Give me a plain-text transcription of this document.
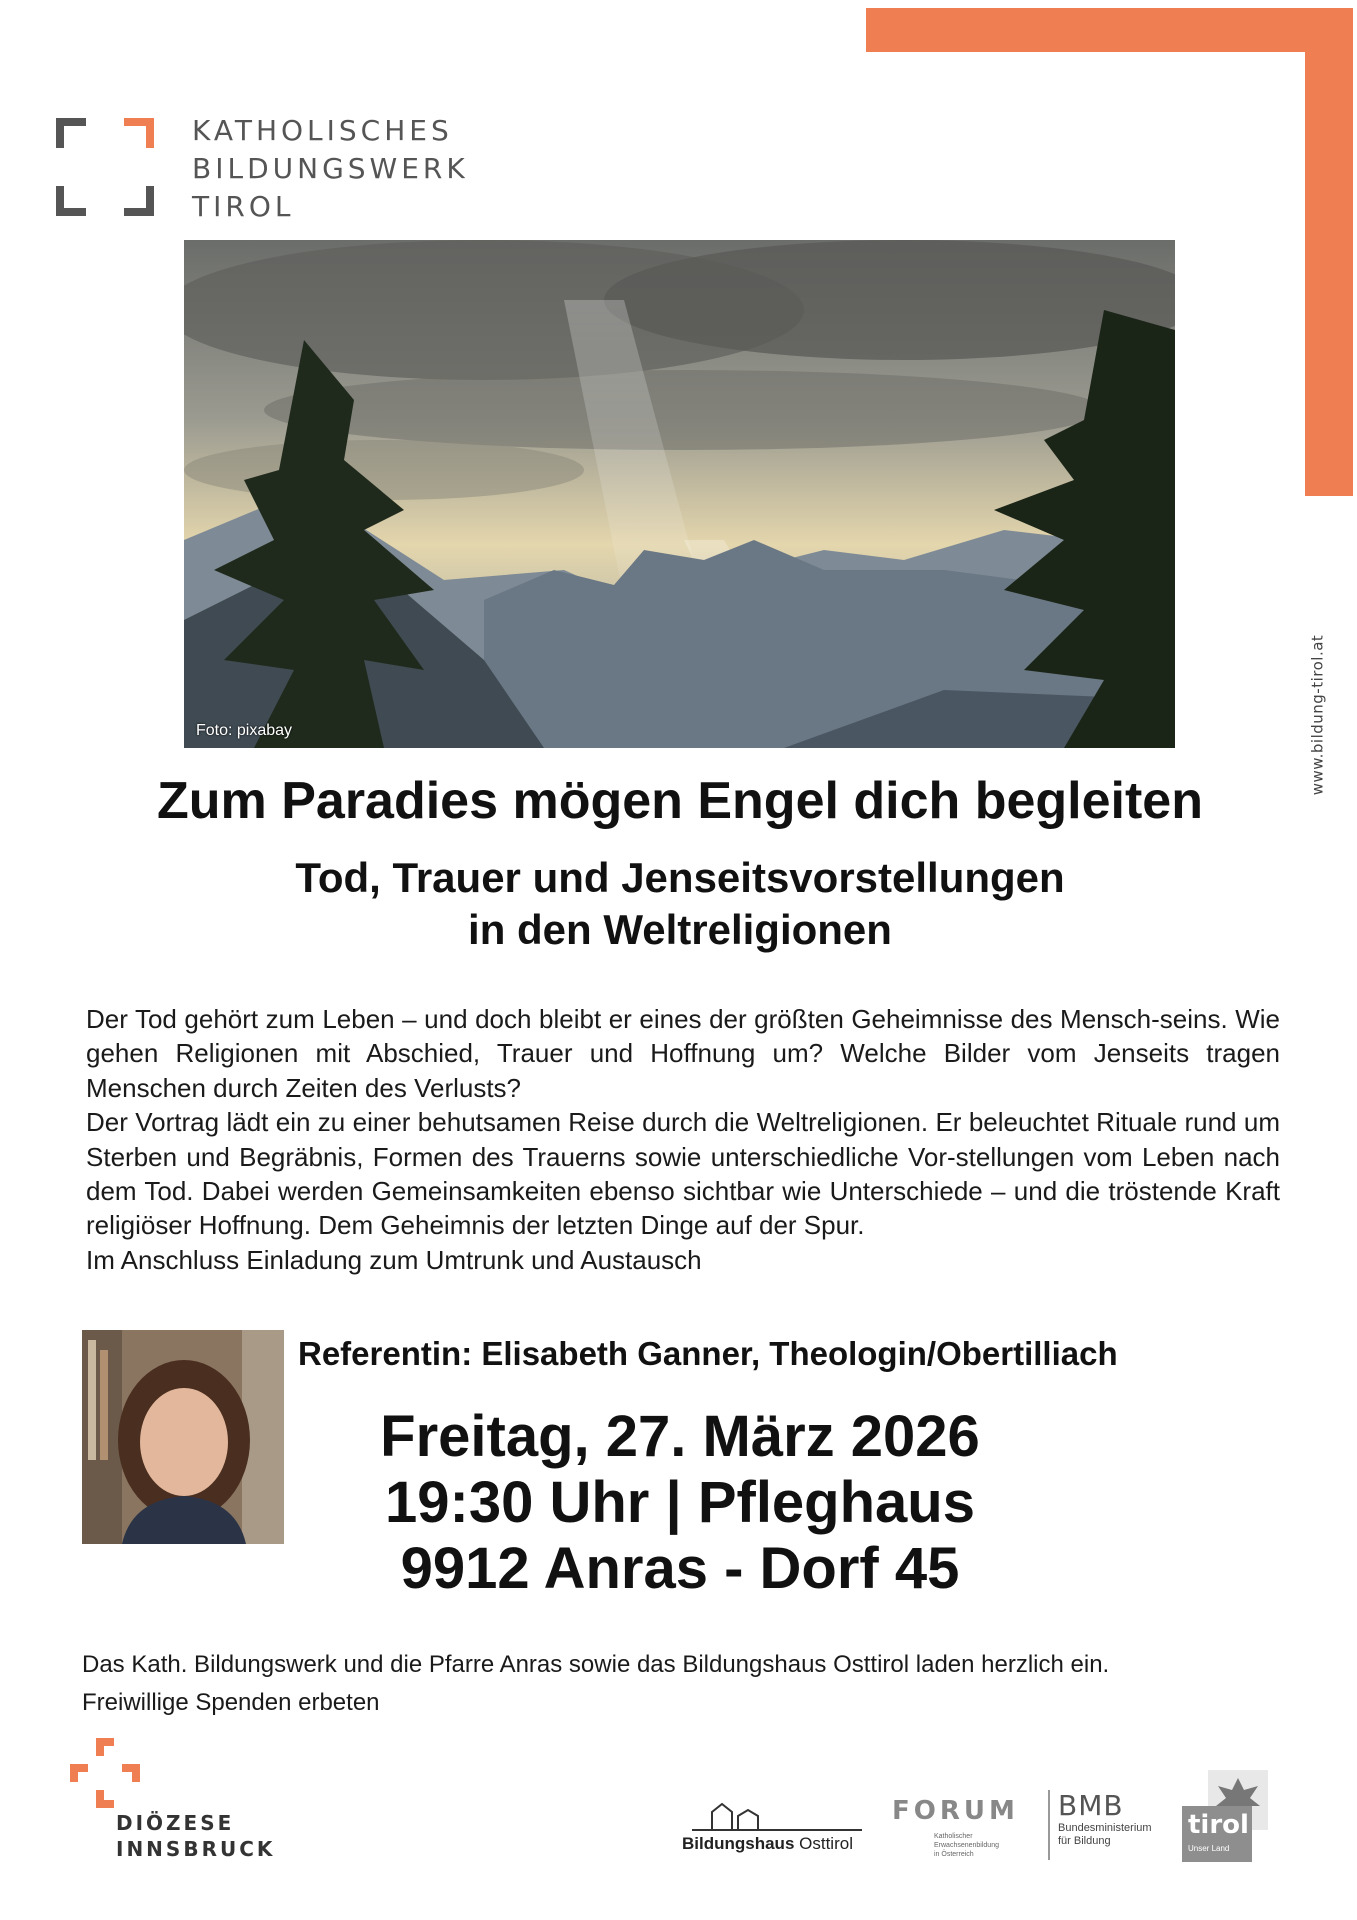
www.bildung-tirol.at
KATHOLISCHES
BILDUNGSWERK
TIROL
Foto: pixabay
Zum Paradies mögen Engel dich begleiten
Tod, Trauer und Jenseitsvorstellungen
in den Weltreligionen

Der Tod gehört zum Leben – und doch bleibt er eines der größten Geheimnisse des Mensch-seins. Wie gehen Religionen mit Abschied, Trauer und Hoffnung um? Welche Bilder vom Jenseits tragen Menschen durch Zeiten des Verlusts?

Der Vortrag lädt ein zu einer behutsamen Reise durch die Weltreligionen. Er beleuchtet Rituale rund um Sterben und Begräbnis, Formen des Trauerns sowie unterschiedliche Vor-stellungen vom Leben nach dem Tod. Dabei werden Gemeinsamkeiten ebenso sichtbar wie Unterschiede – und die tröstende Kraft religiöser Hoffnung. Dem Geheimnis der letzten Dinge auf der Spur.

Im Anschluss Einladung zum Umtrunk und Austausch

Referentin: Elisabeth Ganner, Theologin/Obertilliach
Freitag, 27. März 2026
19:30 Uhr | Pfleghaus
9912 Anras - Dorf 45
Das Kath. Bildungswerk und die Pfarre Anras sowie das Bildungshaus Osttirol laden herzlich ein.
Freiwillige Spenden erbeten
DIÖZESE
INNSBRUCK	Bildungshaus Osttirol
FORUM
Katholischer
Erwachsenenbildung
in Österreich
BMB
Bundesministerium
für Bildung
tirol
Unser Land
